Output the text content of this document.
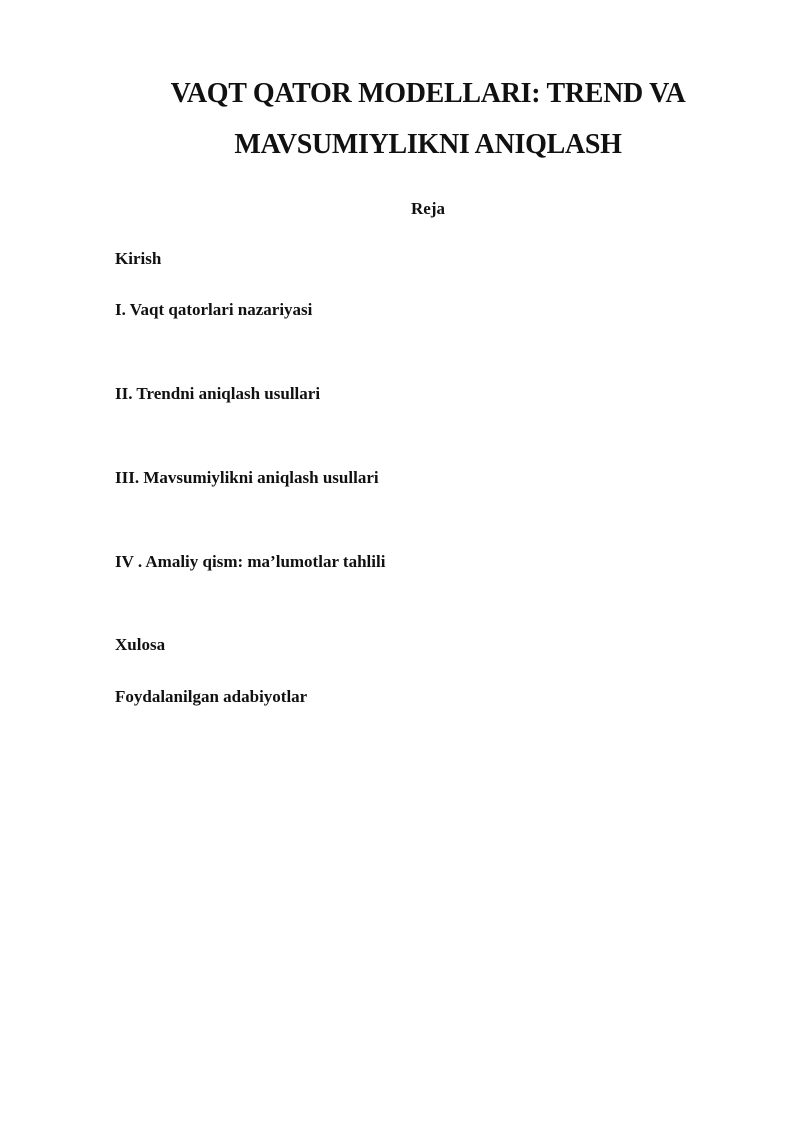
VAQT QATOR MODELLARI: TREND VA
MAVSUMIYLIKNI ANIQLASH
Reja
Kirish
I. Vaqt qatorlari nazariyasi
II. Trendni aniqlash usullari
III. Mavsumiylikni aniqlash usullari
IV . Amaliy qism: ma’lumotlar tahlili
Xulosa
Foydalanilgan adabiyotlar
